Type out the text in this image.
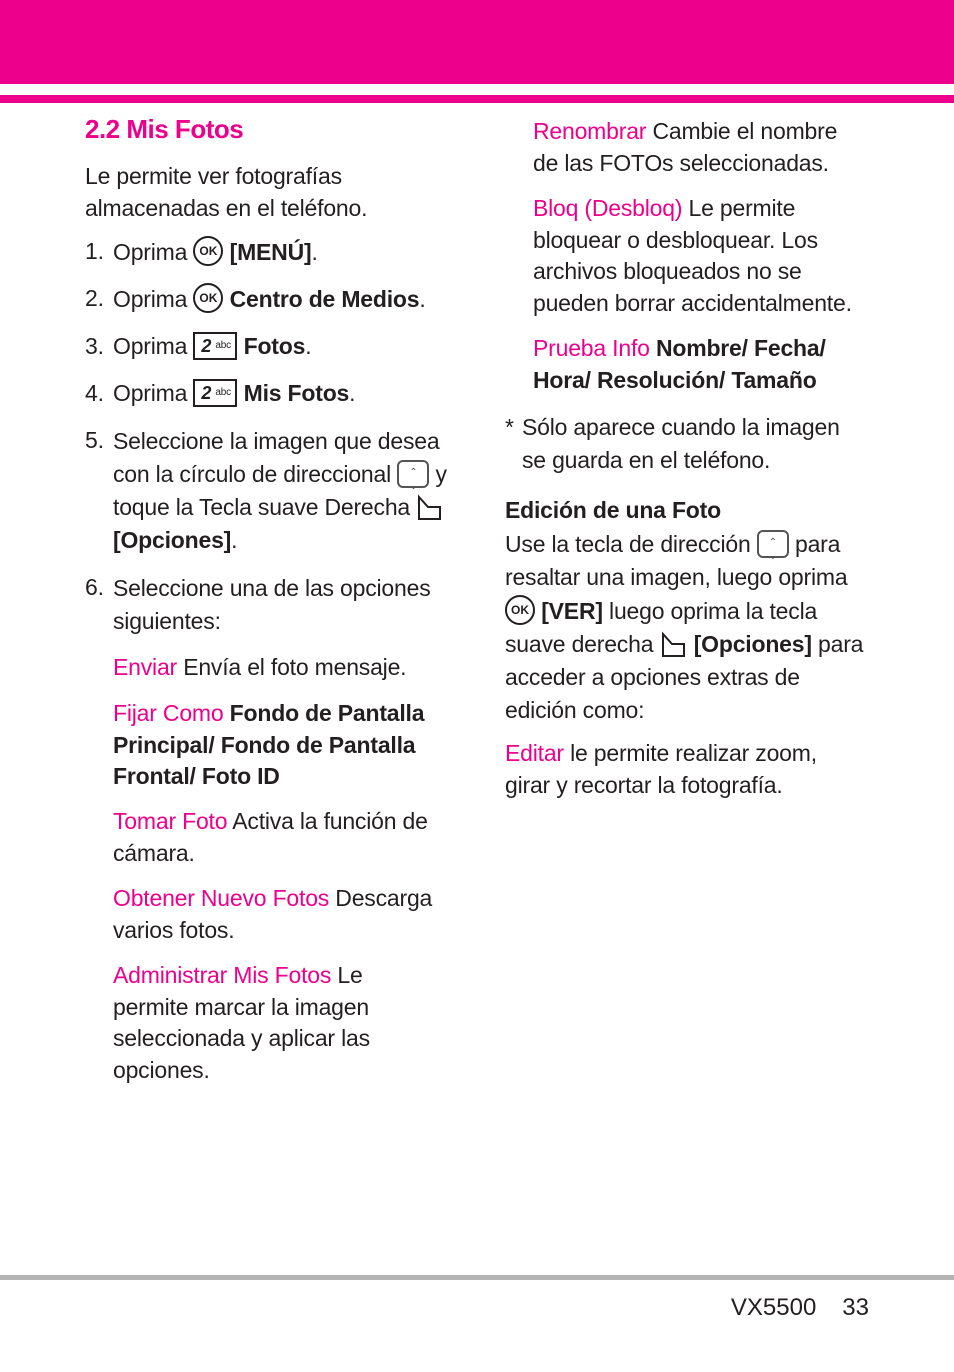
2.2 Mis Fotos

Le permite ver fotografías almacenadas en el teléfono.

1. Oprima OK [MENÚ].
2. Oprima OK Centro de Medios.
3. Oprima 2 abc Fotos.
4. Oprima 2 abc Mis Fotos.
5. Seleccione la imagen que desea con la círculo de direccional ⌃ ⌄ y toque la Tecla suave Derecha  [Opciones].
6. Seleccione una de las opciones siguientes:

Enviar Envía el foto mensaje.

Fijar Como Fondo de Pantalla Principal/ Fondo de Pantalla Frontal/ Foto ID

Tomar Foto Activa la función de cámara.

Obtener Nuevo Fotos Descarga varios fotos.

Administrar Mis Fotos Le permite marcar la imagen seleccionada y aplicar las opciones.

Renombrar Cambie el nombre de las FOTOs seleccionadas.

Bloq (Desbloq) Le permite bloquear o desbloquear. Los archivos bloqueados no se pueden borrar accidentalmente.

Prueba Info Nombre/ Fecha/ Hora/ Resolución/ Tamaño

* Sólo aparece cuando la imagen se guarda en el teléfono.
Edición de una Foto

Use la tecla de dirección ⌃ ⌄ para resaltar una imagen, luego oprima OK [VER] luego oprima la tecla suave derecha [Opciones] para acceder a opciones extras de edición como:

Editar le permite realizar zoom, girar y recortar la fotografía.

VX5500 33
